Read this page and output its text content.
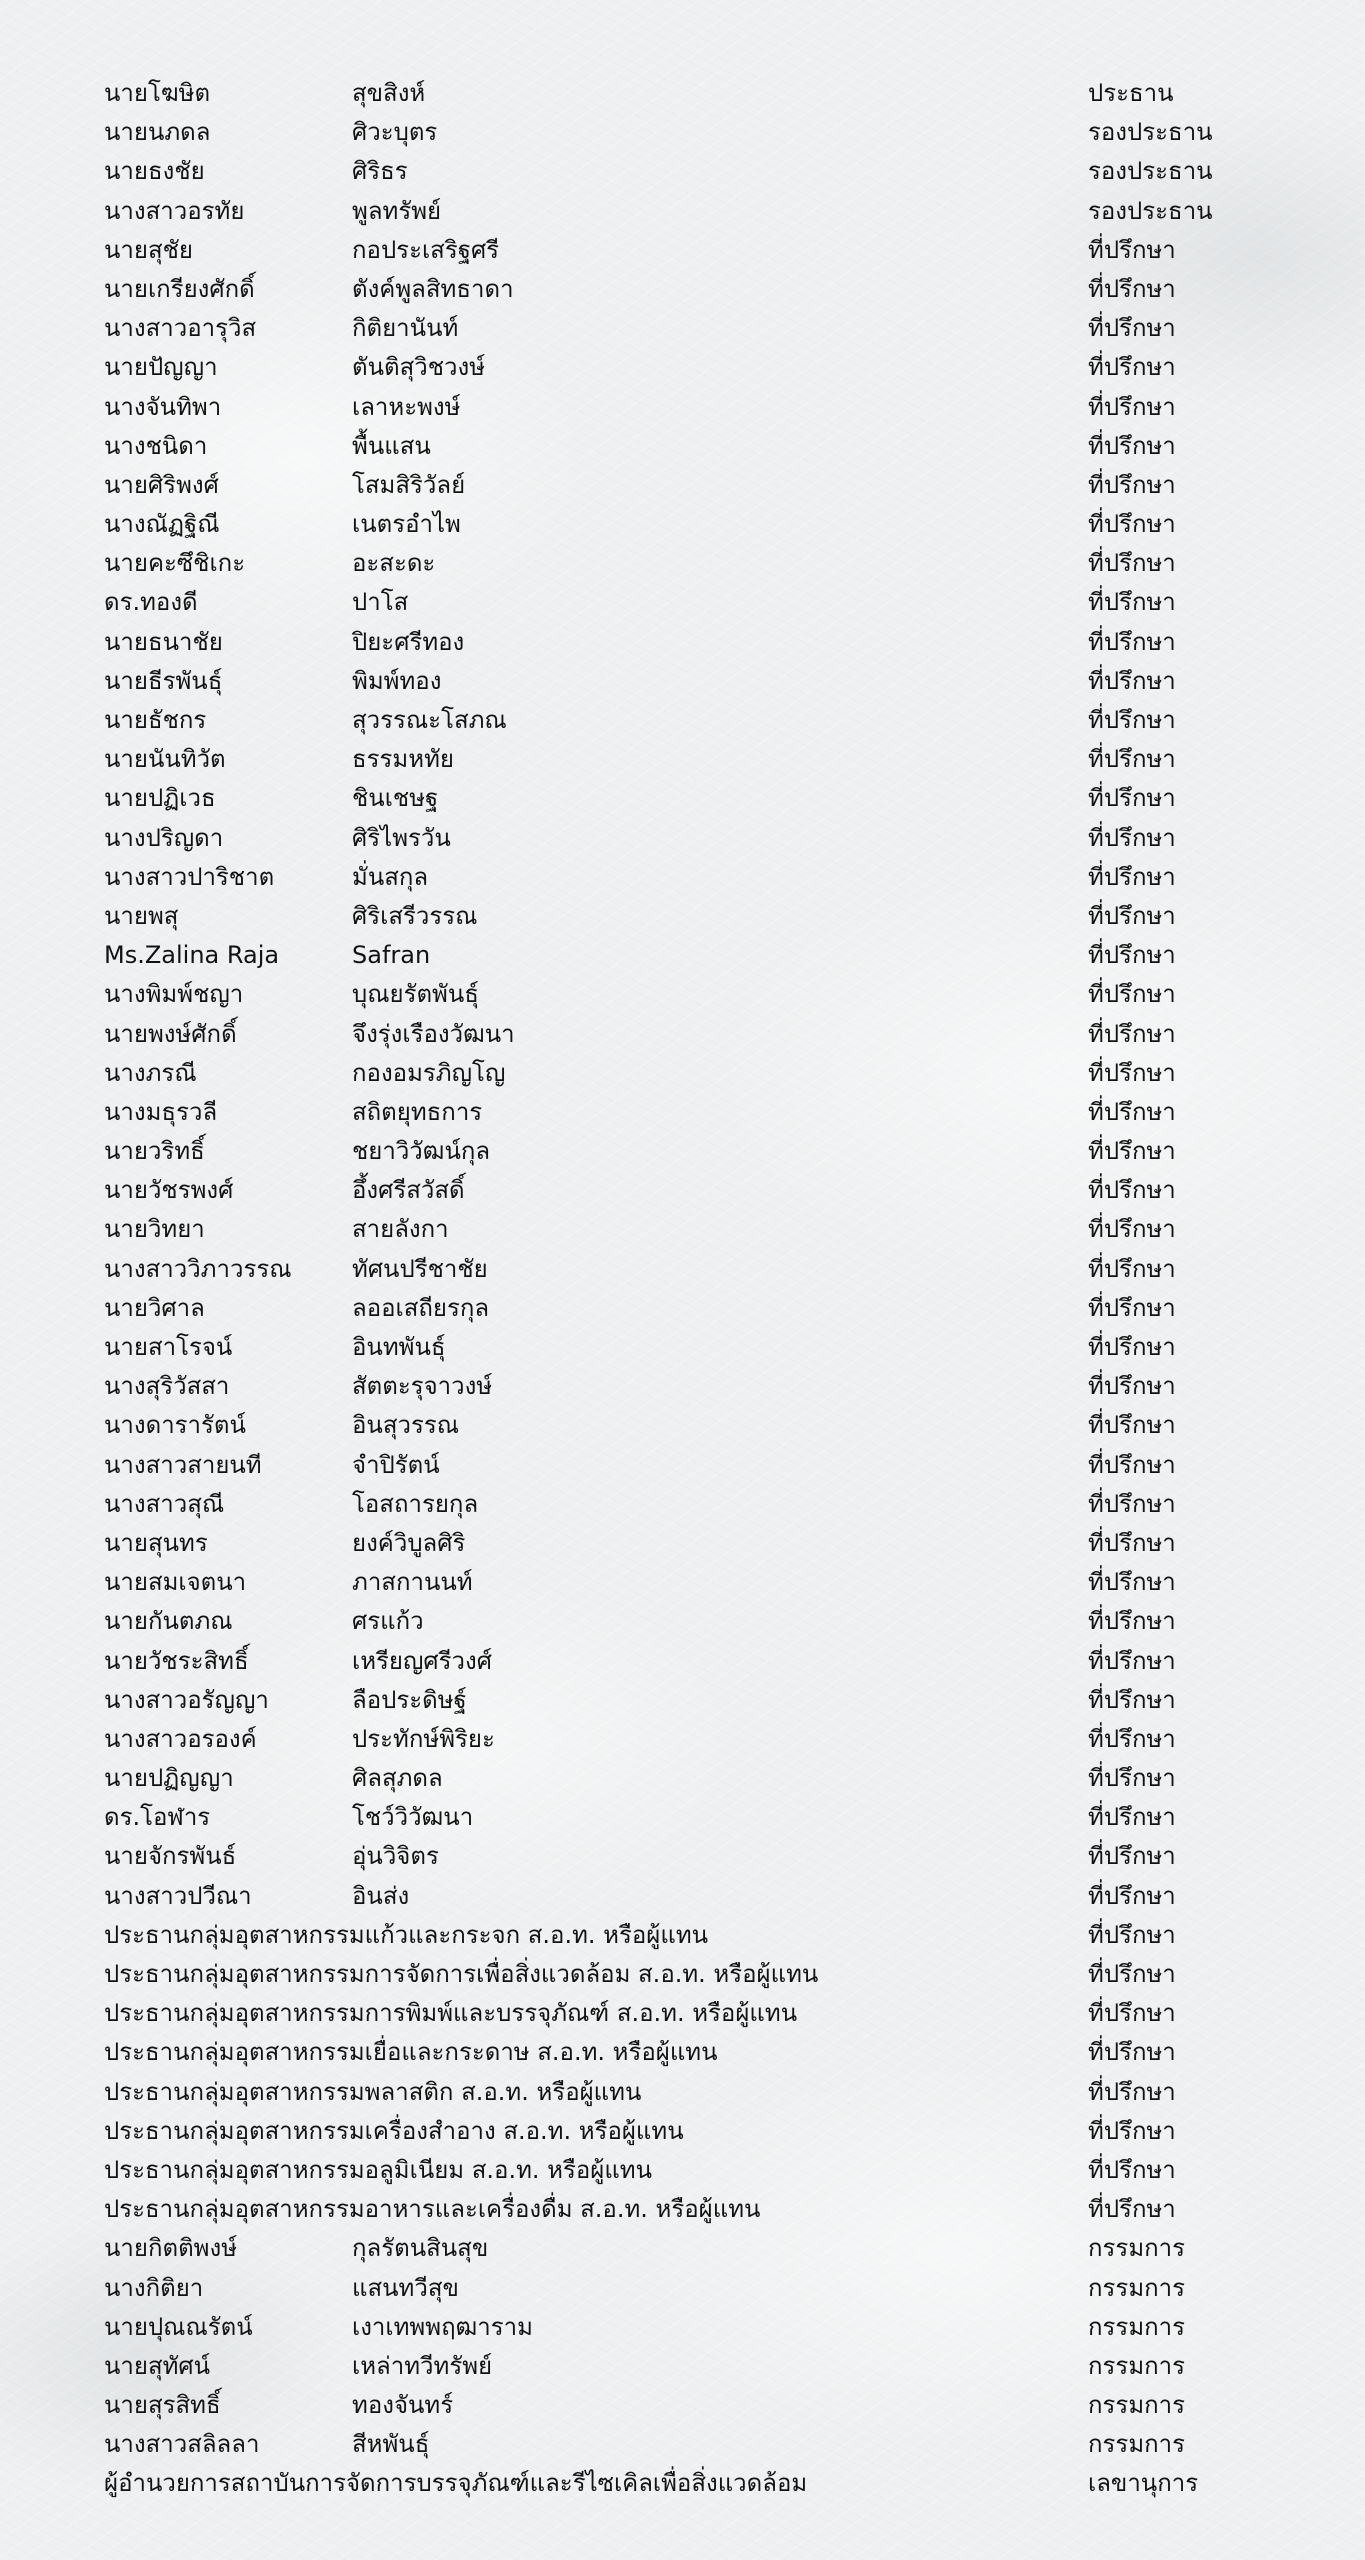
นายโฆษิต	สุขสิงห์	ประธาน
นายนภดล	ศิวะบุตร	รองประธาน
นายธงชัย	ศิริธร	รองประธาน
นางสาวอรทัย	พูลทรัพย์	รองประธาน
นายสุชัย	กอประเสริฐศรี	ที่ปรึกษา
นายเกรียงศักดิ์	ตังค์พูลสิทธาดา	ที่ปรึกษา
นางสาวอารุวิส	กิติยานันท์	ที่ปรึกษา
นายปัญญา	ตันติสุวิชวงษ์	ที่ปรึกษา
นางจันทิพา	เลาหะพงษ์	ที่ปรึกษา
นางชนิดา	พื้นแสน	ที่ปรึกษา
นายศิริพงศ์	โสมสิริวัลย์	ที่ปรึกษา
นางณัฏฐิณี	เนตรอำไพ	ที่ปรึกษา
นายคะซึชิเกะ	อะสะดะ	ที่ปรึกษา
ดร.ทองดี	ปาโส	ที่ปรึกษา
นายธนาชัย	ปิยะศรีทอง	ที่ปรึกษา
นายธีรพันธุ์	พิมพ์ทอง	ที่ปรึกษา
นายธัชกร	สุวรรณะโสภณ	ที่ปรึกษา
นายนันทิวัต	ธรรมหทัย	ที่ปรึกษา
นายปฏิเวธ	ชินเชษฐ	ที่ปรึกษา
นางปริญดา	ศิริไพรวัน	ที่ปรึกษา
นางสาวปาริชาต	มั่นสกุล	ที่ปรึกษา
นายพสุ	ศิริเสรีวรรณ	ที่ปรึกษา
Ms.Zalina Raja	Safran	ที่ปรึกษา
นางพิมพ์ชญา	บุณยรัตพันธุ์	ที่ปรึกษา
นายพงษ์ศักดิ์	จึงรุ่งเรืองวัฒนา	ที่ปรึกษา
นางภรณี	กองอมรภิญโญ	ที่ปรึกษา
นางมธุรวลี	สถิตยุทธการ	ที่ปรึกษา
นายวริทธิ์	ชยาวิวัฒน์กุล	ที่ปรึกษา
นายวัชรพงศ์	อึ้งศรีสวัสดิ์	ที่ปรึกษา
นายวิทยา	สายลังกา	ที่ปรึกษา
นางสาววิภาวรรณ	ทัศนปรีชาชัย	ที่ปรึกษา
นายวิศาล	ลออเสถียรกุล	ที่ปรึกษา
นายสาโรจน์	อินทพันธุ์	ที่ปรึกษา
นางสุริวัสสา	สัตตะรุจาวงษ์	ที่ปรึกษา
นางดารารัตน์	อินสุวรรณ	ที่ปรึกษา
นางสาวสายนที	จำปิรัตน์	ที่ปรึกษา
นางสาวสุณี	โอสถารยกุล	ที่ปรึกษา
นายสุนทร	ยงค์วิบูลศิริ	ที่ปรึกษา
นายสมเจตนา	ภาสกานนท์	ที่ปรึกษา
นายกันตภณ	ศรแก้ว	ที่ปรึกษา
นายวัชระสิทธิ์	เหรียญศรีวงศ์	ที่ปรึกษา
นางสาวอรัญญา	ลือประดิษฐ์	ที่ปรึกษา
นางสาวอรองค์	ประทักษ์พิริยะ	ที่ปรึกษา
นายปฏิญญา	ศิลสุภดล	ที่ปรึกษา
ดร.โอฬาร	โชว์วิวัฒนา	ที่ปรึกษา
นายจักรพันธ์	อุ่นวิจิตร	ที่ปรึกษา
นางสาวปวีณา	อินส่ง	ที่ปรึกษา
ประธานกลุ่มอุตสาหกรรมแก้วและกระจก ส.อ.ท. หรือผู้แทน	ที่ปรึกษา
ประธานกลุ่มอุตสาหกรรมการจัดการเพื่อสิ่งแวดล้อม ส.อ.ท. หรือผู้แทน	ที่ปรึกษา
ประธานกลุ่มอุตสาหกรรมการพิมพ์และบรรจุภัณฑ์ ส.อ.ท. หรือผู้แทน	ที่ปรึกษา
ประธานกลุ่มอุตสาหกรรมเยื่อและกระดาษ ส.อ.ท. หรือผู้แทน	ที่ปรึกษา
ประธานกลุ่มอุตสาหกรรมพลาสติก ส.อ.ท. หรือผู้แทน	ที่ปรึกษา
ประธานกลุ่มอุตสาหกรรมเครื่องสำอาง ส.อ.ท. หรือผู้แทน	ที่ปรึกษา
ประธานกลุ่มอุตสาหกรรมอลูมิเนียม ส.อ.ท. หรือผู้แทน	ที่ปรึกษา
ประธานกลุ่มอุตสาหกรรมอาหารและเครื่องดื่ม ส.อ.ท. หรือผู้แทน	ที่ปรึกษา
นายกิตติพงษ์	กุลรัตนสินสุข	กรรมการ
นางกิติยา	แสนทวีสุข	กรรมการ
นายปุณณรัตน์	เงาเทพพฤฒาราม	กรรมการ
นายสุทัศน์	เหล่าทวีทรัพย์	กรรมการ
นายสุรสิทธิ์	ทองจันทร์	กรรมการ
นางสาวสลิลลา	สีหพันธุ์	กรรมการ
ผู้อำนวยการสถาบันการจัดการบรรจุภัณฑ์และรีไซเคิลเพื่อสิ่งแวดล้อม	เลขานุการ
